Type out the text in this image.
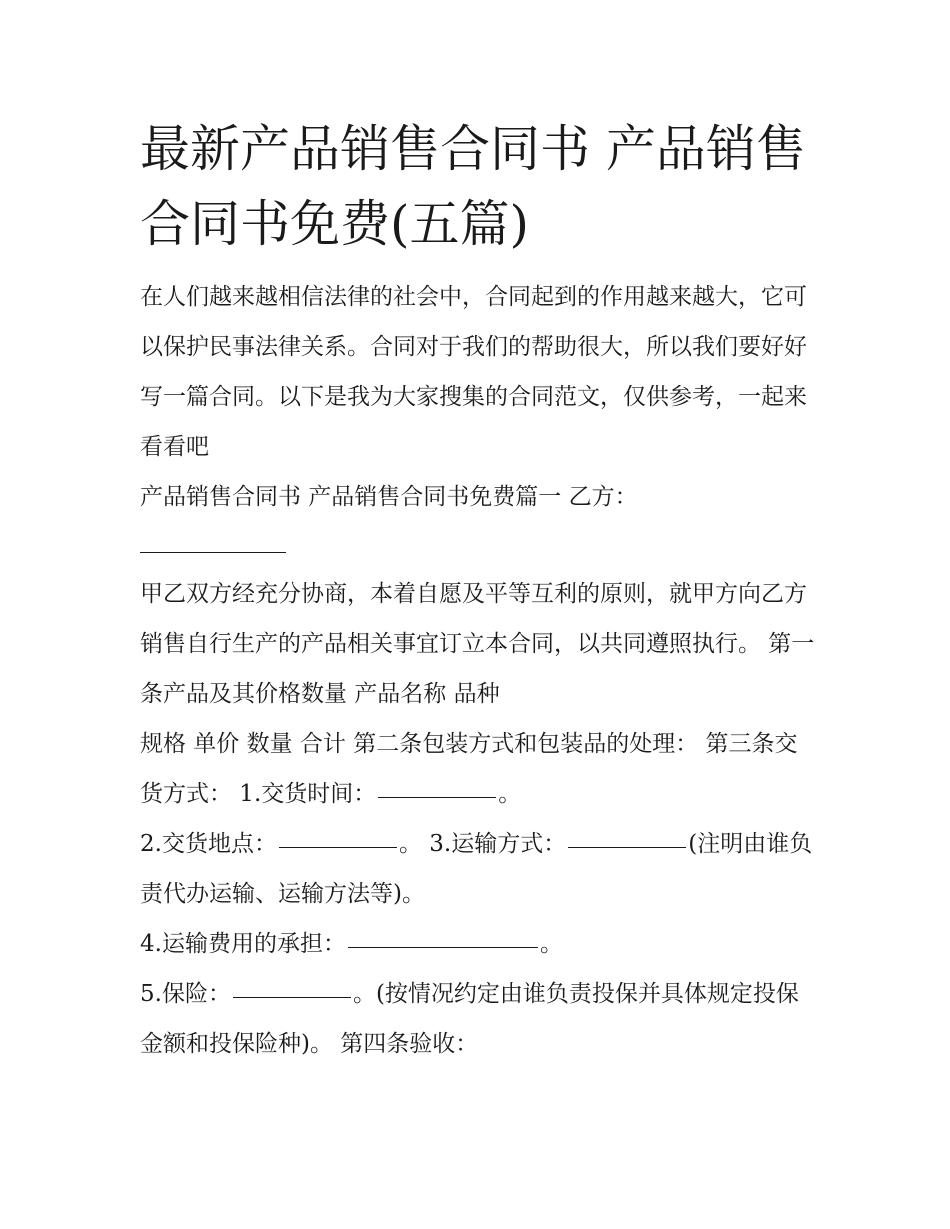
最新产品销售合同书 产品销售合同书免费(五篇)

在人们越来越相信法律的社会中，合同起到的作用越来越大，它可以保护民事法律关系。合同对于我们的帮助很大，所以我们要好好写一篇合同。以下是我为大家搜集的合同范文，仅供参考，一起来看看吧

产品销售合同书 产品销售合同书免费篇一 乙方：

甲乙双方经充分协商，本着自愿及平等互利的原则，就甲方向乙方销售自行生产的产品相关事宜订立本合同，以共同遵照执行。 第一条产品及其价格数量 产品名称 品种

规格 单价 数量 合计 第二条包装方式和包装品的处理： 第三条交货方式： 1.交货时间：	。

2.交货地点：	。 3.运输方式：	(注明由谁负责代办运输、运输方法等)。

4.运输费用的承担：	。

5.保险：	。(按情况约定由谁负责投保并具体规定投保金额和投保险种)。 第四条验收：
